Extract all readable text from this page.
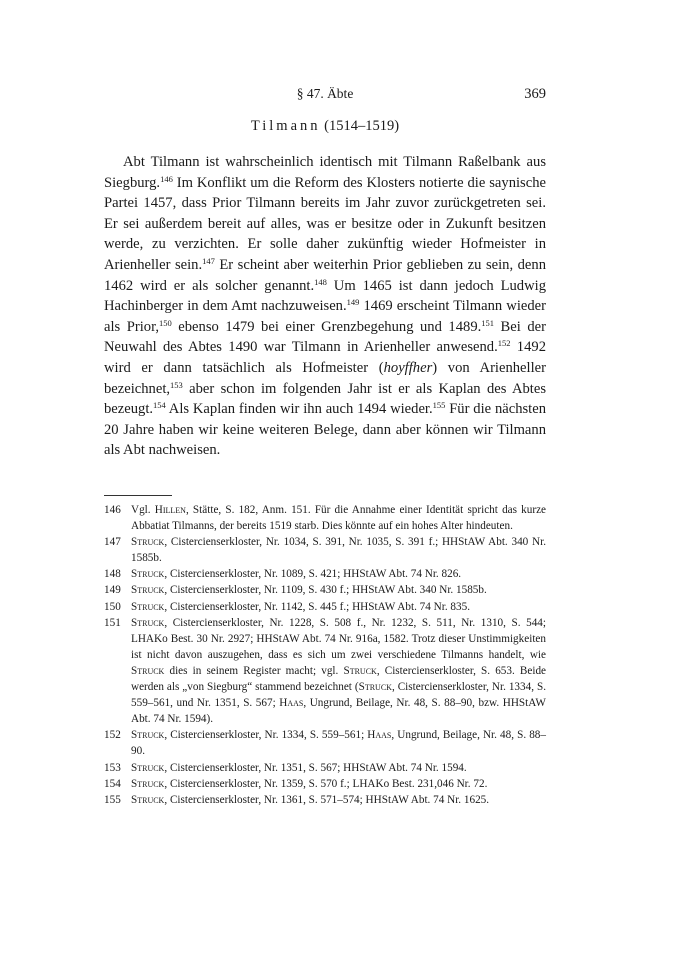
§ 47. Äbte	369
Tilmann (1514–1519)

Abt Tilmann ist wahrscheinlich identisch mit Tilmann Raßelbank aus Siegburg.$^{146}$ Im Konflikt um die Reform des Klosters notierte die saynische Partei 1457, dass Prior Tilmann bereits im Jahr zuvor zurückgetreten sei. Er sei außerdem bereit auf alles, was er besitze oder in Zukunft besitzen werde, zu verzichten. Er solle daher zukünftig wieder Hofmeister in Arienheller sein.$^{147}$ Er scheint aber weiterhin Prior geblieben zu sein, denn 1462 wird er als solcher genannt.$^{148}$ Um 1465 ist dann jedoch Ludwig Hachinberger in dem Amt nachzuweisen.$^{149}$ 1469 erscheint Tilmann wieder als Prior,$^{150}$ ebenso 1479 bei einer Grenzbegehung und 1489.$^{151}$ Bei der Neuwahl des Abtes 1490 war Tilmann in Arienheller anwesend.$^{152}$ 1492 wird er dann tatsächlich als Hofmeister (hoyffher) von Arienheller bezeichnet,$^{153}$ aber schon im folgenden Jahr ist er als Kaplan des Abtes bezeugt.$^{154}$ Als Kaplan finden wir ihn auch 1494 wieder.$^{155}$ Für die nächsten 20 Jahre haben wir keine weiteren Belege, dann aber können wir Tilmann als Abt nachweisen.

146 Vgl. Hillen, Stätte, S. 182, Anm. 151. Für die Annahme einer Identität spricht das kurze Abbatiat Tilmanns, der bereits 1519 starb. Dies könnte auf ein hohes Alter hindeuten.
147 Struck, Cistercienserkloster, Nr. 1034, S. 391, Nr. 1035, S. 391 f.; HHStAW Abt. 340 Nr. 1585b.
148 Struck, Cistercienserkloster, Nr. 1089, S. 421; HHStAW Abt. 74 Nr. 826.
149 Struck, Cistercienserkloster, Nr. 1109, S. 430 f.; HHStAW Abt. 340 Nr. 1585b.
150 Struck, Cistercienserkloster, Nr. 1142, S. 445 f.; HHStAW Abt. 74 Nr. 835.
151 Struck, Cistercienserkloster, Nr. 1228, S. 508 f., Nr. 1232, S. 511, Nr. 1310, S. 544; LHAKo Best. 30 Nr. 2927; HHStAW Abt. 74 Nr. 916a, 1582. Trotz dieser Unstimmigkeiten ist nicht davon auszugehen, dass es sich um zwei verschiedene Tilmanns handelt, wie Struck dies in seinem Register macht; vgl. Struck, Cistercienserkloster, S. 653. Beide werden als „von Siegburg“ stammend bezeichnet (Struck, Cistercienserkloster, Nr. 1334, S. 559–561, und Nr. 1351, S. 567; Haas, Ungrund, Beilage, Nr. 48, S. 88–90, bzw. HHStAW Abt. 74 Nr. 1594).
152 Struck, Cistercienserkloster, Nr. 1334, S. 559–561; Haas, Ungrund, Beilage, Nr. 48, S. 88–90.
153 Struck, Cistercienserkloster, Nr. 1351, S. 567; HHStAW Abt. 74 Nr. 1594.
154 Struck, Cistercienserkloster, Nr. 1359, S. 570 f.; LHAKo Best. 231,046 Nr. 72.
155 Struck, Cistercienserkloster, Nr. 1361, S. 571–574; HHStAW Abt. 74 Nr. 1625.
